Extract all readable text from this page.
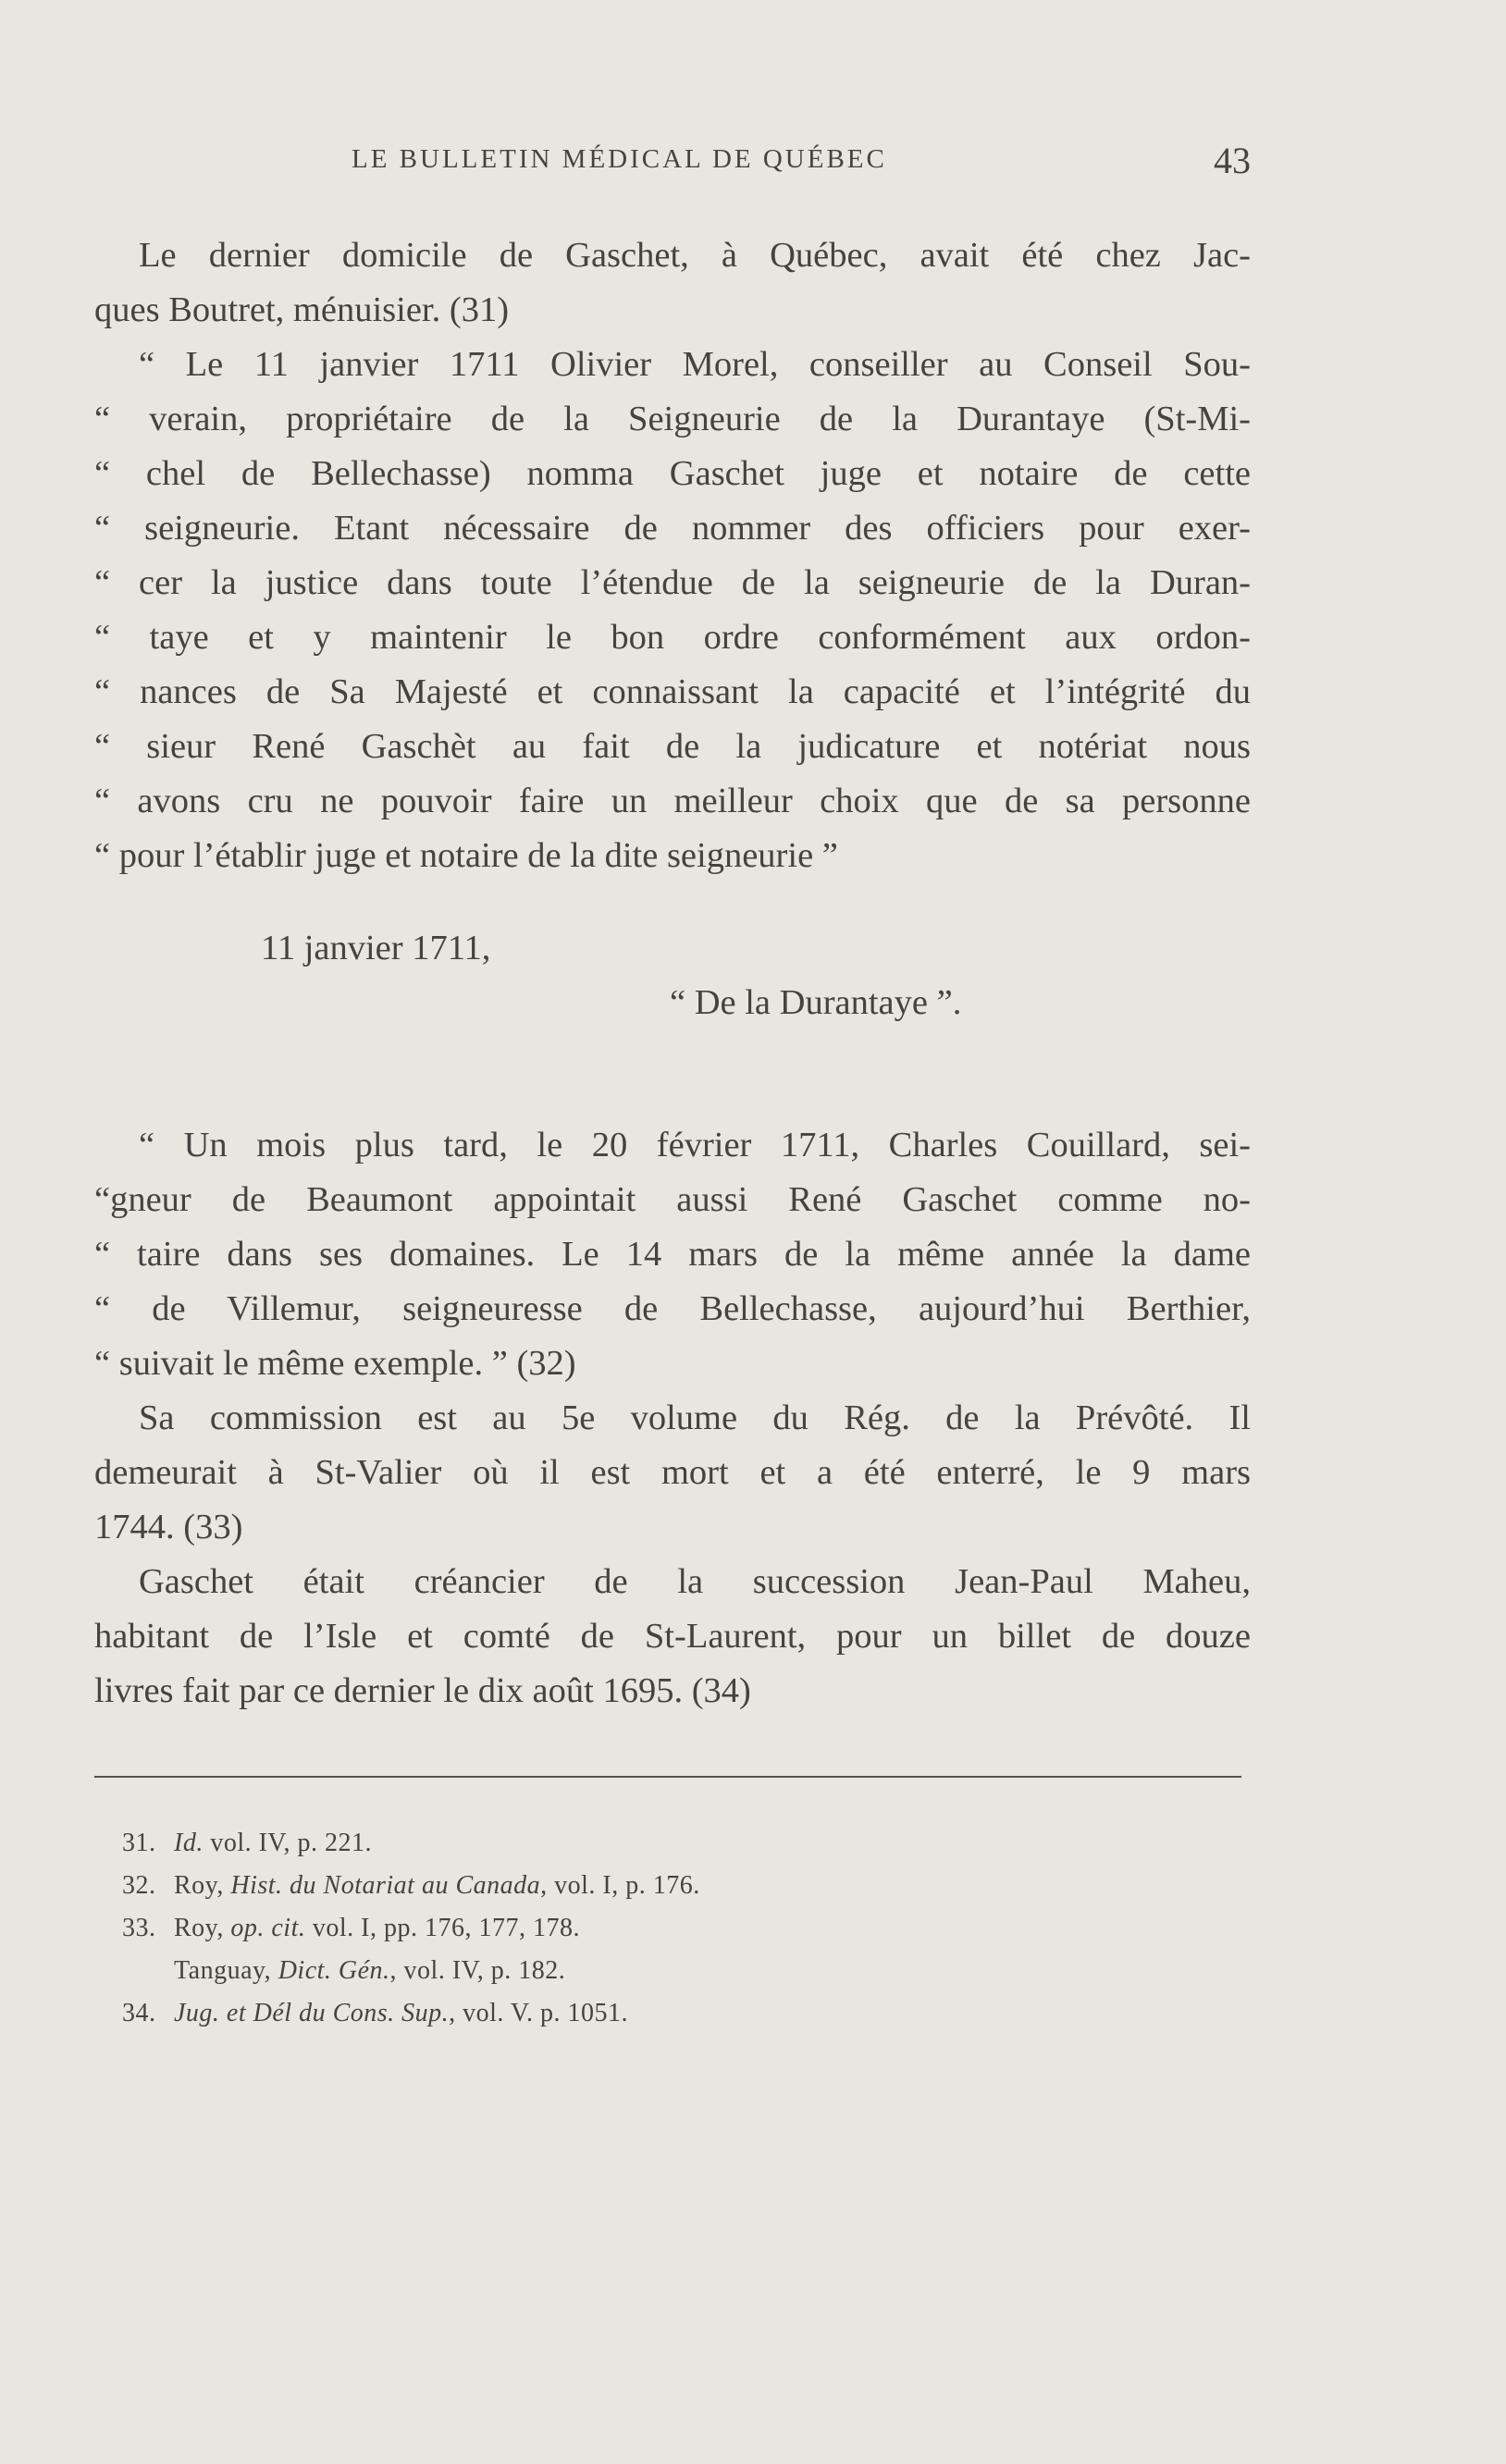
LE BULLETIN MÉDICAL DE QUÉBEC	43
Le dernier domicile de Gaschet, à Québec, avait été chez Jac-
ques Boutret, ménuisier. (31)
“ Le 11 janvier 1711 Olivier Morel, conseiller au Conseil Sou-
“ verain, propriétaire de la Seigneurie de la Durantaye (St-Mi-
“ chel de Bellechasse) nomma Gaschet juge et notaire de cette
“ seigneurie. Etant nécessaire de nommer des officiers pour exer-
“ cer la justice dans toute l’étendue de la seigneurie de la Duran-
“ taye et y maintenir le bon ordre conformément aux ordon-
“ nances de Sa Majesté et connaissant la capacité et l’intégrité du
“ sieur René Gaschèt au fait de la judicature et notériat nous
“ avons cru ne pouvoir faire un meilleur choix que de sa personne
“ pour l’établir juge et notaire de la dite seigneurie ”
11 janvier 1711,
“ De la Durantaye ”.
“ Un mois plus tard, le 20 février 1711, Charles Couillard, sei-
“gneur de Beaumont appointait aussi René Gaschet comme no-
“ taire dans ses domaines. Le 14 mars de la même année la dame
“ de Villemur, seigneuresse de Bellechasse, aujourd’hui Berthier,
“ suivait le même exemple. ” (32)
Sa commission est au 5e volume du Rég. de la Prévôté. Il
demeurait à St-Valier où il est mort et a été enterré, le 9 mars
1744. (33)
Gaschet était créancier de la succession Jean-Paul Maheu,
habitant de l’Isle et comté de St-Laurent, pour un billet de douze
livres fait par ce dernier le dix août 1695. (34)
31. Id. vol. IV, p. 221.
32. Roy, Hist. du Notariat au Canada, vol. I, p. 176.
33. Roy, op. cit. vol. I, pp. 176, 177, 178.
Tanguay, Dict. Gén., vol. IV, p. 182.
34. Jug. et Dél du Cons. Sup., vol. V. p. 1051.
